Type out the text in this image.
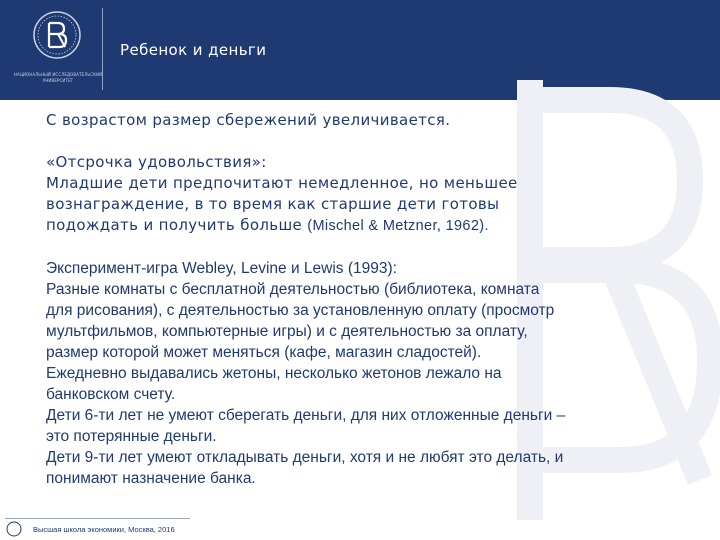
НАЦИОНАЛЬНЫЙ ИССЛЕДОВАТЕЛЬСКИЙ УНИВЕРСИТЕТ
Ребенок и деньги

С возрастом размер сбережений увеличивается.

«Отсрочка удовольствия»:

Младшие дети предпочитают немедленное, но меньшее

вознаграждение, в то время как старшие дети готовы

подождать и получить больше (Mischel & Metzner, 1962).

Эксперимент-игра Webley, Levine и Lewis (1993):

Разные комнаты с бесплатной деятельностью (библиотека, комната

для рисования), с деятельностью за установленную оплату (просмотр

мультфильмов, компьютерные игры) и с деятельностью за оплату,

размер которой может меняться (кафе, магазин сладостей).

Ежедневно выдавались жетоны, несколько жетонов лежало на

банковском счету.

Дети 6-ти лет не умеют сберегать деньги, для них отложенные деньги –

это потерянные деньги.

Дети 9-ти лет умеют откладывать деньги, хотя и не любят это делать, и

понимают назначение банка.

Высшая школа экономики, Москва, 2016
